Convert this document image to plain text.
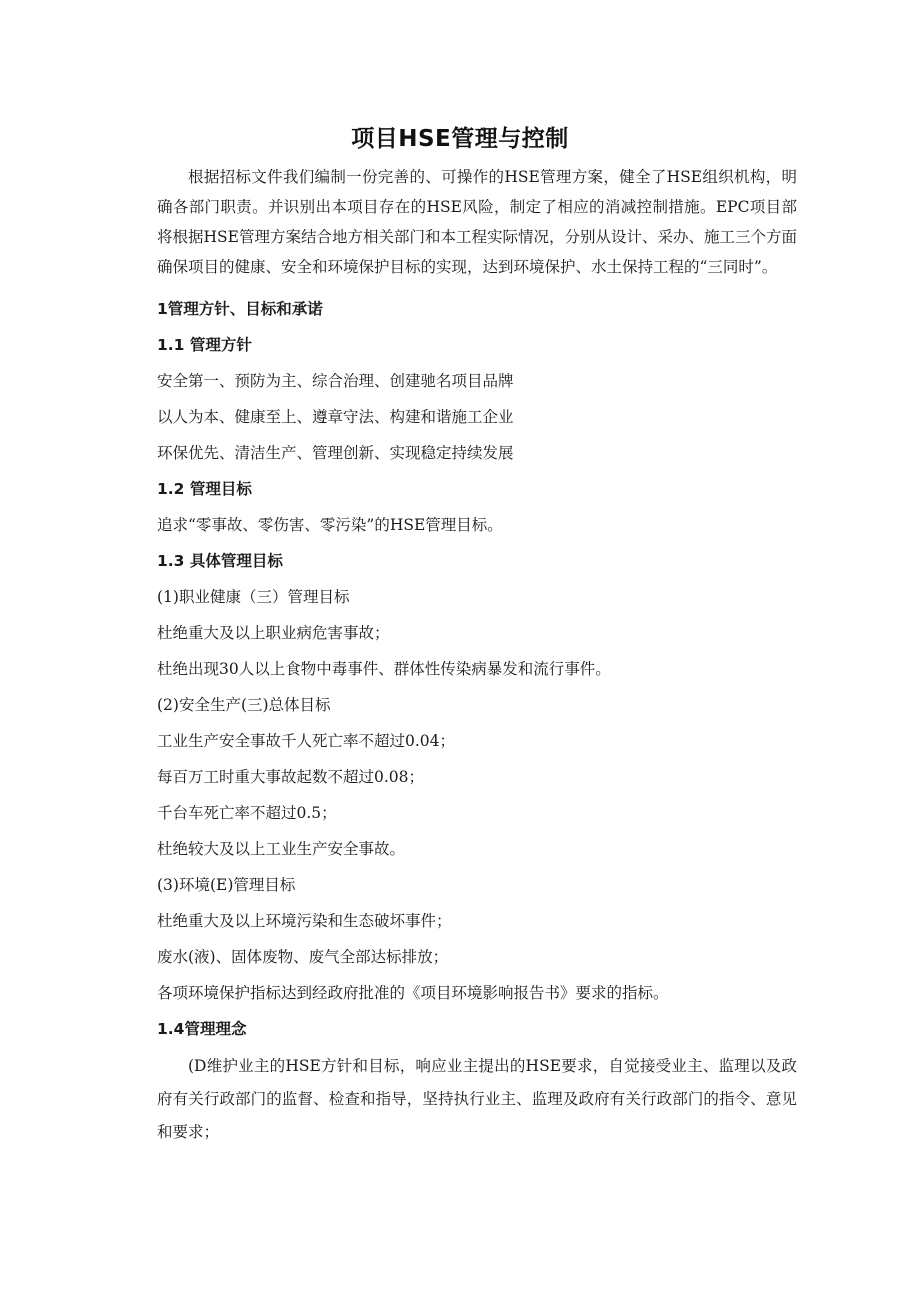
项目HSE管理与控制

根据招标文件我们编制一份完善的、可操作的HSE管理方案，健全了HSE组织机构，明确各部门职责。并识别出本项目存在的HSE风险，制定了相应的消减控制措施。EPC项目部将根据HSE管理方案结合地方相关部门和本工程实际情况，分别从设计、采办、施工三个方面确保项目的健康、安全和环境保护目标的实现，达到环境保护、水土保持工程的“三同时”。

1管理方针、目标和承诺
1.1 管理方针
安全第一、预防为主、综合治理、创建驰名项目品牌
以人为本、健康至上、遵章守法、构建和谐施工企业
环保优先、清洁生产、管理创新、实现稳定持续发展
1.2 管理目标
追求“零事故、零伤害、零污染”的HSE管理目标。
1.3 具体管理目标
(1)职业健康（三）管理目标
杜绝重大及以上职业病危害事故；
杜绝出现30人以上食物中毒事件、群体性传染病暴发和流行事件。
(2)安全生产(三)总体目标
工业生产安全事故千人死亡率不超过0.04；
每百万工时重大事故起数不超过0.08；
千台车死亡率不超过0.5；
杜绝较大及以上工业生产安全事故。
(3)环境(E)管理目标
杜绝重大及以上环境污染和生态破坏事件；
废水(液)、固体废物、废气全部达标排放；
各项环境保护指标达到经政府批准的《项目环境影响报告书》要求的指标。
1.4管理理念

(D维护业主的HSE方针和目标，响应业主提出的HSE要求，自觉接受业主、监理以及政府有关行政部门的监督、检查和指导，坚持执行业主、监理及政府有关行政部门的指令、意见和要求；
